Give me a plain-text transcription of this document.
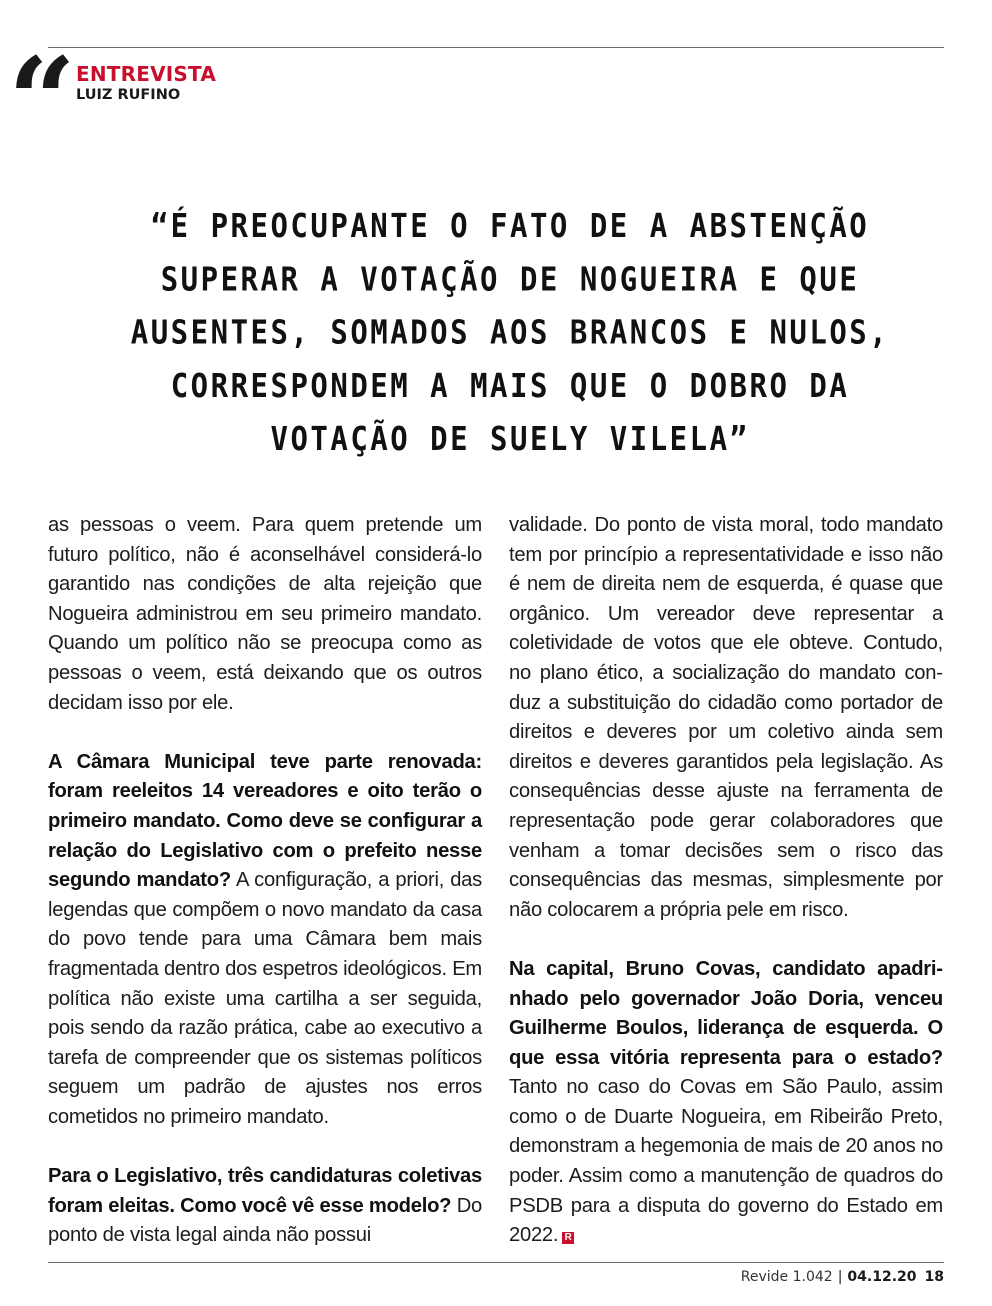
“ ENTREVISTA
LUIZ RUFINO

“É PREOCUPANTE O FATO DE A ABSTENÇÃO SUPERAR A VOTAÇÃO DE NOGUEIRA E QUE AUSENTES, SOMADOS AOS BRANCOS E NULOS, CORRESPONDEM A MAIS QUE O DOBRO DA VOTAÇÃO DE SUELY VILELA”

as pessoas o veem. Para quem pretende um futuro político, não é aconselhável considerá-lo garantido nas condições de alta rejeição que Nogueira administrou em seu primeiro mandato. Quando um político não se preocupa como as pessoas o veem, está deixando que os outros decidam isso por ele.

A Câmara Municipal teve parte renovada: foram reeleitos 14 vereadores e oito terão o primeiro mandato. Como deve se configurar a relação do Legislativo com o prefeito nesse segundo mandato? A configuração, a priori, das legendas que compõem o novo mandato da casa do povo tende para uma Câmara bem mais fragmentada dentro dos espetros ideológicos. Em política não existe uma cartilha a ser seguida, pois sendo da razão prática, cabe ao executivo a tarefa de compreender que os sistemas políticos seguem um padrão de ajustes nos erros cometidos no primeiro mandato.

Para o Legislativo, três candidaturas coletivas foram eleitas. Como você vê esse modelo? Do ponto de vista legal ainda não possui

validade. Do ponto de vista moral, todo mandato tem por princípio a representatividade e isso não é nem de direita nem de esquerda, é quase que orgânico. Um vereador deve representar a coletividade de votos que ele obteve. Contudo, no plano ético, a socialização do mandato conduz a substituição do cidadão como portador de direitos e deveres por um coletivo ainda sem direitos e deveres garantidos pela legislação. As consequências desse ajuste na ferramenta de representação pode gerar colaboradores que venham a tomar decisões sem o risco das consequências das mesmas, simplesmente por não colocarem a própria pele em risco.

Na capital, Bruno Covas, candidato apadrinhado pelo governador João Doria, venceu Guilherme Boulos, liderança de esquerda. O que essa vitória representa para o estado? Tanto no caso do Covas em São Paulo, assim como o de Duarte Nogueira, em Ribeirão Preto, demonstram a hegemonia de mais de 20 anos no poder. Assim como a manutenção de quadros do PSDB para a disputa do governo do Estado em 2022. R

Revide 1.042 | 04.12.20 18
